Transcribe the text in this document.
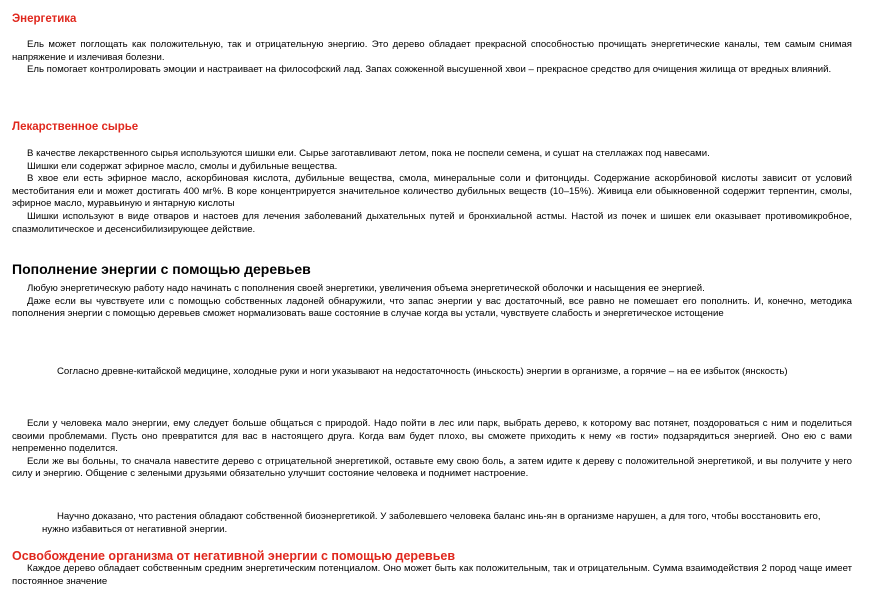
Энергетика

Ель может поглощать как положительную, так и отрицательную энергию. Это дерево обладает прекрасной способностью прочищать энергетические каналы, тем самым снимая напряжение и излечивая болезни.

Ель помогает контролировать эмоции и настраивает на философский лад. Запах сожженной высушенной хвои – прекрасное средство для очищения жилища от вредных влияний.

Лекарственное сырье

В качестве лекарственного сырья используются шишки ели. Сырье заготавливают летом, пока не поспели семена, и сушат на стеллажах под навесами.

Шишки ели содержат эфирное масло, смолы и дубильные вещества.

В хвое ели есть эфирное масло, аскорбиновая кислота, дубильные вещества, смола, минеральные соли и фитонциды. Содержание аскорбиновой кислоты зависит от условий местобитания ели и может достигать 400 мг%. В коре концентрируется значительное количество дубильных веществ (10–15%). Живица ели обыкновенной содержит терпентин, смолы, эфирное масло, муравьиную и янтарную кислоты

Шишки используют в виде отваров и настоев для лечения заболеваний дыхательных путей и бронхиальной астмы. Настой из почек и шишек ели оказывает противомикробное, спазмолитическое и десенсибилизирующее действие.

Пополнение энергии с помощью деревьев

Любую энергетическую работу надо начинать с пополнения своей энергетики, увеличения объема энергетической оболочки и насыщения ее энергией.

Даже если вы чувствуете или с помощью собственных ладоней обнаружили, что запас энергии у вас достаточный, все равно не помешает его пополнить. И, конечно, методика пополнения энергии с помощью деревьев сможет нормализовать ваше состояние в случае когда вы устали, чувствуете слабость и энергетическое истощение

Согласно древне-китайской медицине, холодные руки и ноги указывают на недостаточность (иньскость) энергии в организме, а горячие – на ее избыток (янскость)

Если у человека мало энергии, ему следует больше общаться с природой. Надо пойти в лес или парк, выбрать дерево, к которому вас потянет, поздороваться с ним и поделиться своими проблемами. Пусть оно превратится для вас в настоящего друга. Когда вам будет плохо, вы сможете приходить к нему «в гости» подзарядиться энергией. Оно ею с вами непременно поделится.

Если же вы больны, то сначала навестите дерево с отрицательной энергетикой, оставьте ему свою боль, а затем идите к дереву с положительной энергетикой, и вы получите у него силу и энергию. Общение с зелеными друзьями обязательно улучшит состояние человека и поднимет настроение.

Научно доказано, что растения обладают собственной биоэнергетикой. У заболевшего человека баланс инь-ян в организме нарушен, а для того, чтобы восстановить его, нужно избавиться от негативной энергии.
Освобождение организма от негативной энергии с помощью деревьев

Каждое дерево обладает собственным средним энергетическим потенциалом. Оно может быть как положительным, так и отрицательным. Сумма взаимодействия 2 пород чаще имеет постоянное значение
